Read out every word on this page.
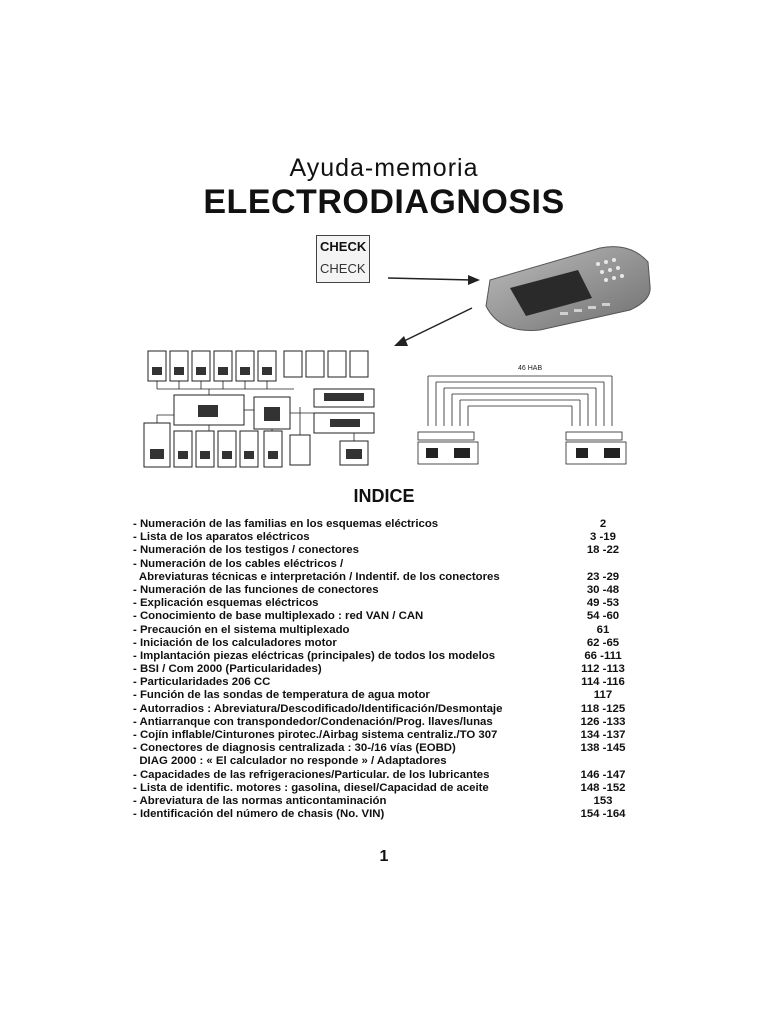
Ayuda-memoria
ELECTRODIAGNOSIS
CHECK
CHECK
46 HAB
INDICE
- Numeración de las familias en los esquemas eléctricos	2
- Lista de los aparatos eléctricos	3 -19
- Numeración de los testigos / conectores	18 -22
- Numeración de los cables eléctricos /
Abreviaturas técnicas e interpretación / Indentif. de los conectores	23 -29
- Numeración de las funciones de conectores	30 -48
- Explicación esquemas eléctricos	49 -53
- Conocimiento de base multiplexado : red VAN / CAN	54 -60
- Precaución en el sistema multiplexado	61
- Iniciación de los calculadores motor	62 -65
- Implantación piezas eléctricas (principales) de todos los modelos	66 -111
- BSI / Com 2000 (Particularidades)	112 -113
- Particularidades 206 CC	114 -116
- Función de las sondas de temperatura de agua motor	117
- Autorradios : Abreviatura/Descodificado/Identificación/Desmontaje	118 -125
- Antiarranque con transpondedor/Condenación/Prog. llaves/lunas	126 -133
- Cojín inflable/Cinturones pirotec./Airbag sistema centraliz./TO 307	134 -137
- Conectores de diagnosis centralizada : 30-/16 vías (EOBD)	138 -145
DIAG 2000 : « El calculador no responde » / Adaptadores
- Capacidades de las refrigeraciones/Particular. de los lubricantes	146 -147
- Lista de identific. motores : gasolina, diesel/Capacidad de aceite	148 -152
- Abreviatura de las normas anticontaminación	153
- Identificación del número de chasis (No. VIN)	154 -164
1
